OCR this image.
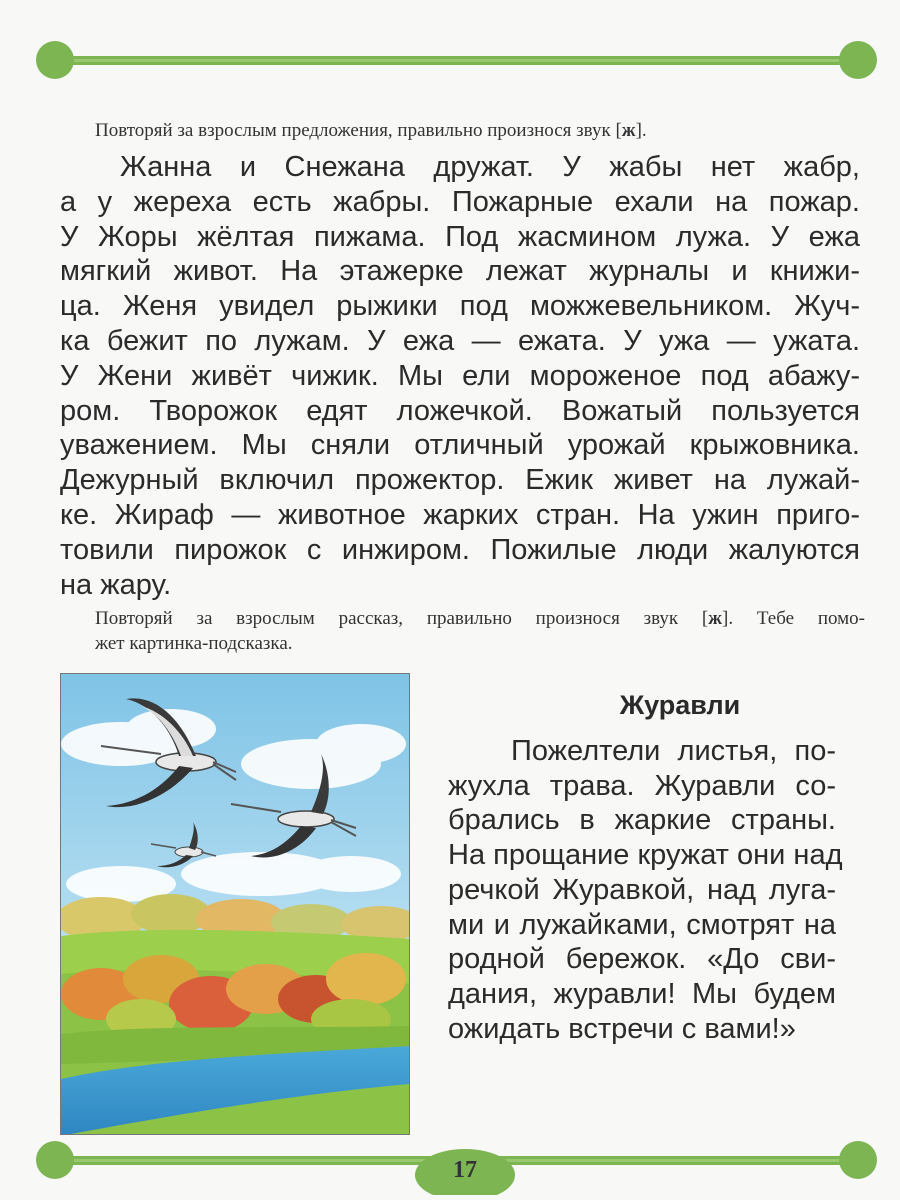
Повторяй за взрослым предложения, правильно произнося звук [ж].
Жанна и Снежана дружат. У жабы нет жабр,
а у жереха есть жабры. Пожарные ехали на пожар.
У Жоры жёлтая пижама. Под жасмином лужа. У ежа
мягкий живот. На этажерке лежат журналы и книжи-
ца. Женя увидел рыжики под можжевельником. Жуч-
ка бежит по лужам. У ежа — ежата. У ужа — ужата.
У Жени живёт чижик. Мы ели мороженое под абажу-
ром. Творожок едят ложечкой. Вожатый пользуется
уважением. Мы сняли отличный урожай крыжовника.
Дежурный включил прожектор. Ежик живет на лужай-
ке. Жираф — животное жарких стран. На ужин приго-
товили пирожок с инжиром. Пожилые люди жалуются
на жару.
Повторяй за взрослым рассказ, правильно произнося звук [ж]. Тебе помо-
жет картинка-подсказка.
Журавли
Пожелтели листья, по-
жухла трава. Журавли со-
брались в жаркие страны.
На прощание кружат они над
речкой Журавкой, над луга-
ми и лужайками, смотрят на
родной бережок. «До сви-
дания, журавли! Мы будем
ожидать встречи с вами!»
17
